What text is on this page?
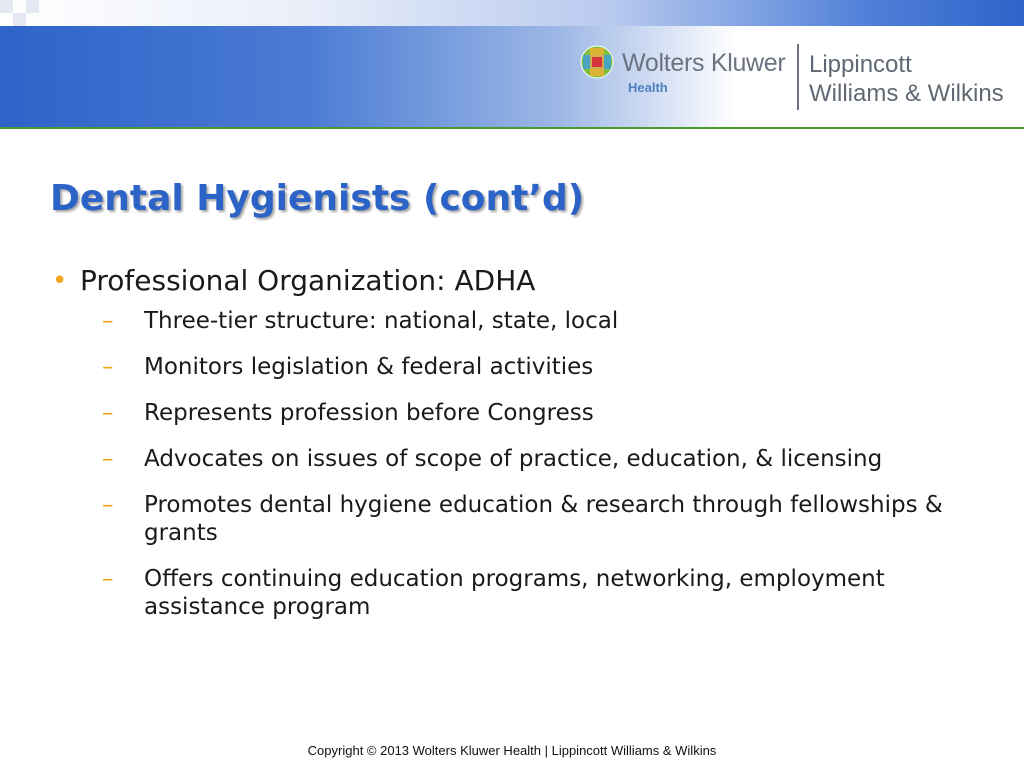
Wolters Kluwer
Health
Lippincott
Williams & Wilkins
Dental Hygienists (cont’d)
• Professional Organization: ADHA
– Three-tier structure: national, state, local
– Monitors legislation & federal activities
– Represents profession before Congress
– Advocates on issues of scope of practice, education, & licensing
– Promotes dental hygiene education & research through fellowships & grants
– Offers continuing education programs, networking, employment assistance program
Copyright © 2013 Wolters Kluwer Health | Lippincott Williams & Wilkins
